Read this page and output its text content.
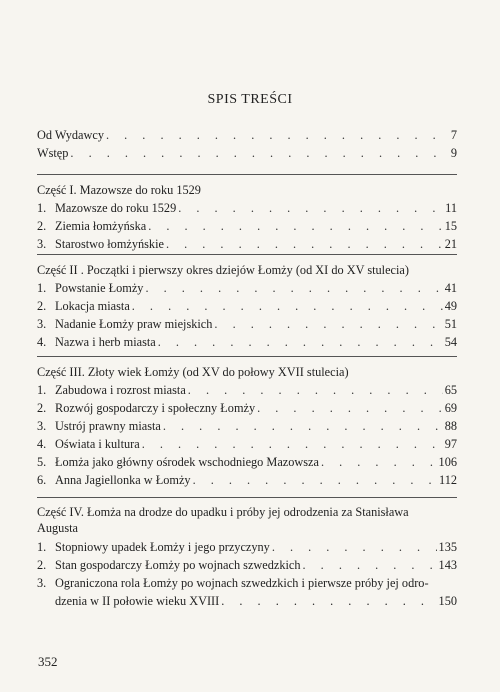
SPIS TREŚCI
Od Wydawcy . . .	7
Wstęp . . .	9
Część I. Mazowsze do roku 1529
1. Mazowsze do roku 1529 . . .	11
2. Ziemia łomżyńska . . .	15
3. Starostwo łomżyńskie . . .	21
Część II . Początki i pierwszy okres dziejów Łomży (od XI do XV stulecia)
1. Powstanie Łomży . . .	41
2. Lokacja miasta . . .	49
3. Nadanie Łomży praw miejskich . . .	51
4. Nazwa i herb miasta . . .	54
Część III. Złoty wiek Łomży (od XV do połowy XVII stulecia)
1. Zabudowa i rozrost miasta . . .	65
2. Rozwój gospodarczy i społeczny Łomży . . .	69
3. Ustrój prawny miasta . . .	88
4. Oświata i kultura . . .	97
5. Łomża jako główny ośrodek wschodniego Mazowsza . . .	106
6. Anna Jagiellonka w Łomży . . .	112
Część IV. Łomża na drodze do upadku i próby jej odrodzenia za Stanisława
Augusta
1. Stopniowy upadek Łomży i jego przyczyny . . .	135
2. Stan gospodarczy Łomży po wojnach szwedzkich . . .	143
3. Ograniczona rola Łomży po wojnach szwedzkich i pierwsze próby jej odro-
dzenia w II połowie wieku XVIII . . .	150
352
